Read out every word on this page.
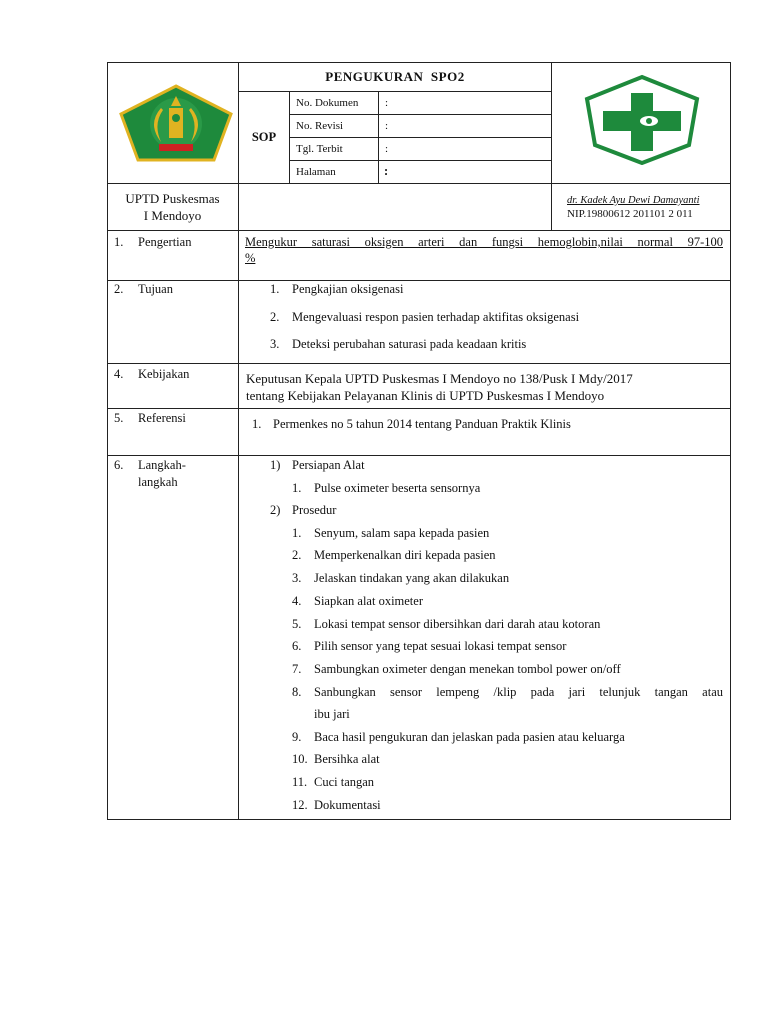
PENGUKURAN  SPO2
SOP
No. Dokumen :
No. Revisi	:
Tgl. Terbit	:
Halaman	:
UPTD Puskesmas
I Mendoyo
dr. Kadek Ayu Dewi Damayanti
NIP.19800612 201101 2 011
1. Pengertian	Mengukur saturasi oksigen arteri dan fungsi hemoglobin,nilai normal 97-100
%
2. Tujuan	1. Pengkajian oksigenasi
2. Mengevaluasi respon pasien terhadap aktifitas oksigenasi
3. Deteksi perubahan saturasi pada keadaan kritis
4. Kebijakan	Keputusan Kepala UPTD Puskesmas I Mendoyo no 138/Pusk I Mdy/2017
tentang Kebijakan Pelayanan Klinis di UPTD Puskesmas I Mendoyo
5. Referensi	1. Permenkes no 5 tahun 2014 tentang Panduan Praktik Klinis
6. Langkah-
langkah
1) Persiapan Alat
1. Pulse oximeter beserta sensornya
2) Prosedur
1. Senyum, salam sapa kepada pasien
2. Memperkenalkan diri kepada pasien
3. Jelaskan tindakan yang akan dilakukan
4. Siapkan alat oximeter
5. Lokasi tempat sensor dibersihkan dari darah atau kotoran
6. Pilih sensor yang tepat sesuai lokasi tempat sensor
7. Sambungkan oximeter dengan menekan tombol power on/off
8. Sanbungkan sensor lempeng /klip pada jari telunjuk tangan atau
ibu jari
9. Baca hasil pengukuran dan jelaskan pada pasien atau keluarga
10. Bersihka alat
11. Cuci tangan
12. Dokumentasi
